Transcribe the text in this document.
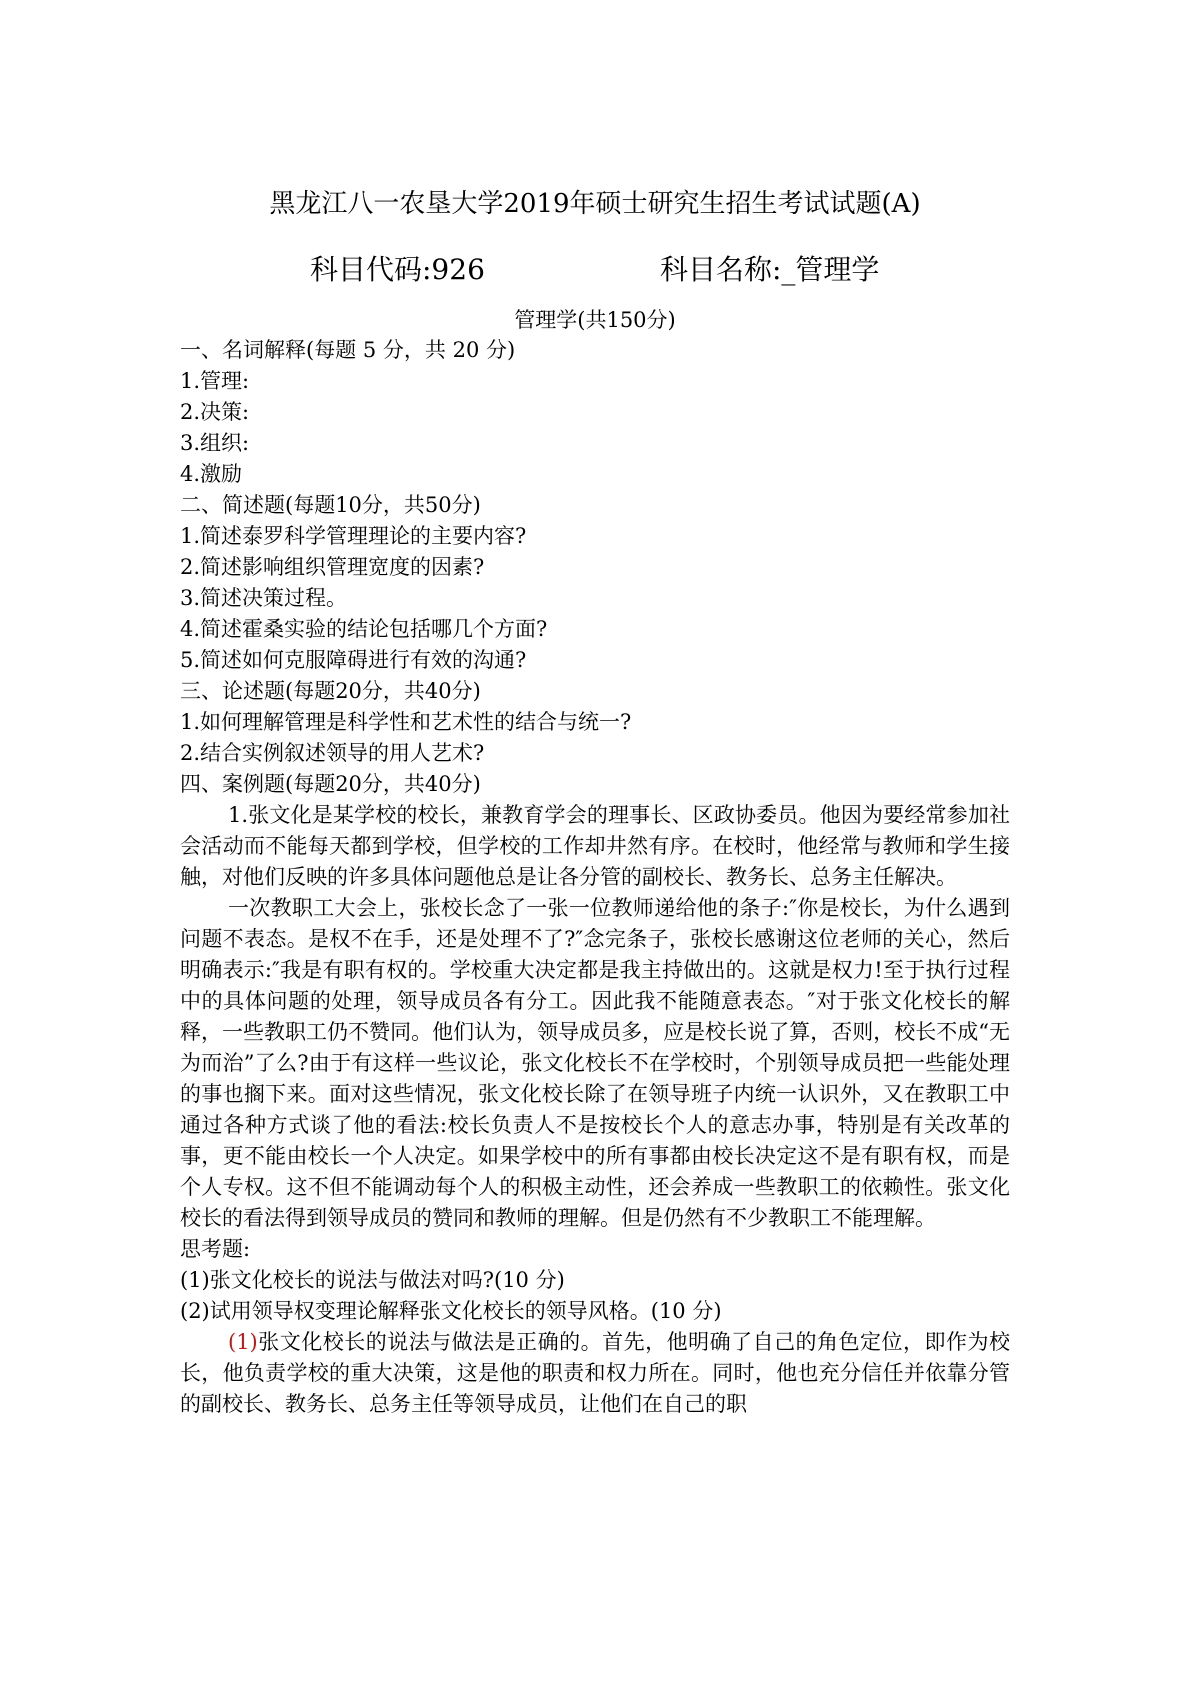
黑龙江八一农垦大学2019年硕士研究生招生考试试题(A)
科目代码:926	科目名称:_管理学
管理学(共150分)
一、名词解释(每题 5 分，共 20 分)
1.管理:
2.决策:
3.组织:
4.激励
二、简述题(每题10分，共50分)
1.简述泰罗科学管理理论的主要内容?
2.简述影响组织管理宽度的因素?
3.简述决策过程。
4.简述霍桑实验的结论包括哪几个方面?
5.简述如何克服障碍进行有效的沟通?
三、论述题(每题20分，共40分)
1.如何理解管理是科学性和艺术性的结合与统一?
2.结合实例叙述领导的用人艺术?
四、案例题(每题20分，共40分)
1.张文化是某学校的校长，兼教育学会的理事长、区政协委员。他因为要经常参加社会活动而不能每天都到学校，但学校的工作却井然有序。在校时，他经常与教师和学生接触，对他们反映的许多具体问题他总是让各分管的副校长、教务长、总务主任解决。
一次教职工大会上，张校长念了一张一位教师递给他的条子:″你是校长，为什么遇到问题不表态。是权不在手，还是处理不了?″念完条子，张校长感谢这位老师的关心，然后明确表示:″我是有职有权的。学校重大决定都是我主持做出的。这就是权力!至于执行过程中的具体问题的处理，领导成员各有分工。因此我不能随意表态。″对于张文化校长的解释，一些教职工仍不赞同。他们认为，领导成员多，应是校长说了算，否则，校长不成“无为而治”了么?由于有这样一些议论，张文化校长不在学校时，个别领导成员把一些能处理的事也搁下来。面对这些情况，张文化校长除了在领导班子内统一认识外，又在教职工中通过各种方式谈了他的看法:校长负责人不是按校长个人的意志办事，特别是有关改革的事，更不能由校长一个人决定。如果学校中的所有事都由校长决定这不是有职有权，而是个人专权。这不但不能调动每个人的积极主动性，还会养成一些教职工的依赖性。张文化校长的看法得到领导成员的赞同和教师的理解。但是仍然有不少教职工不能理解。
思考题:
(1)张文化校长的说法与做法对吗?(10 分)
(2)试用领导权变理论解释张文化校长的领导风格。(10 分)
(1)张文化校长的说法与做法是正确的。首先，他明确了自己的角色定位，即作为校长，他负责学校的重大决策，这是他的职责和权力所在。同时，他也充分信任并依靠分管的副校长、教务长、总务主任等领导成员，让他们在自己的职
